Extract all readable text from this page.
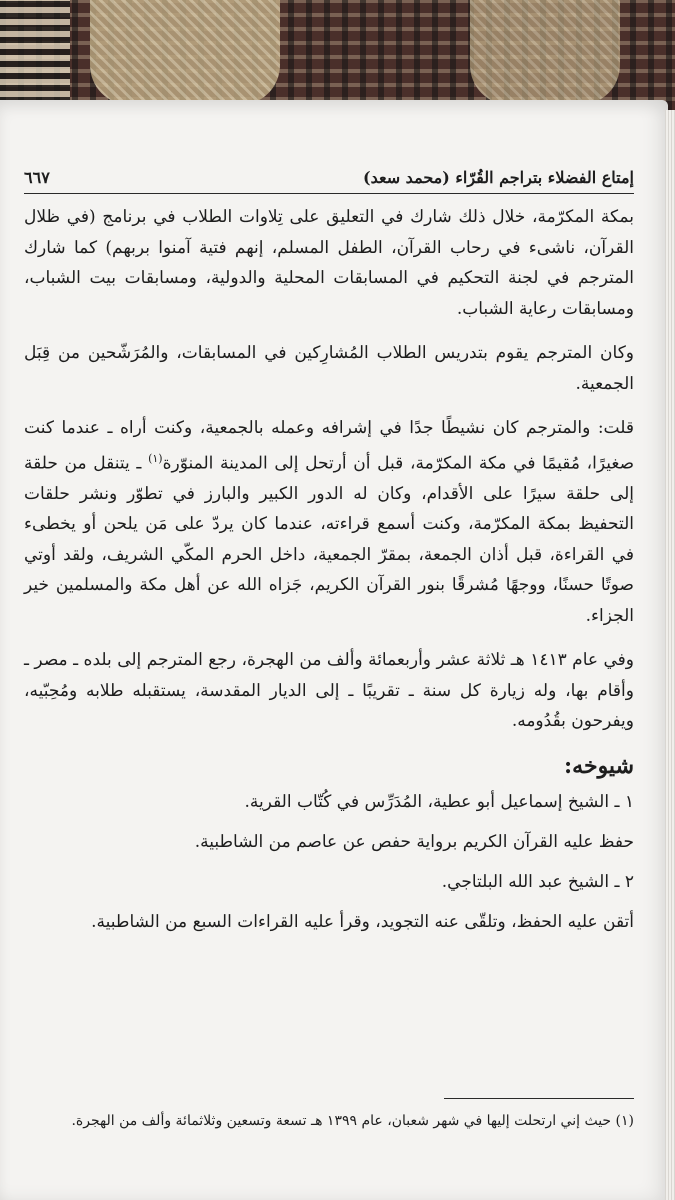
إمتاع الفضلاء بتراجم القُرّاء (محمد سعد)
٦٦٧

بمكة المكرّمة، خلال ذلك شارك في التعليق على تِلاوات الطلاب في برنامج (في ظلال القرآن، ناشىء في رحاب القرآن، الطفل المسلم، إنهم فتية آمنوا بربهم) كما شارك المترجم في لجنة التحكيم في المسابقات المحلية والدولية، ومسابقات بيت الشباب، ومسابقات رعاية الشباب.

وكان المترجم يقوم بتدريس الطلاب المُشارِكين في المسابقات، والمُرَشّحين من قِبَل الجمعية.

قلت: والمترجم كان نشيطًا جدًا في إشرافه وعمله بالجمعية، وكنت أراه ـ عندما كنت صغيرًا، مُقيمًا في مكة المكرّمة، قبل أن أرتحل إلى المدينة المنوّرة$^{(١)}$ ـ يتنقل من حلقة إلى حلقة سيرًا على الأقدام، وكان له الدور الكبير والبارز في تطوّر ونشر حلقات التحفيظ بمكة المكرّمة، وكنت أسمع قراءته، عندما كان يردّ على مَن يلحن أو يخطىء في القراءة، قبل أذان الجمعة، بمقرّ الجمعية، داخل الحرم المكّي الشريف، ولقد أوتي صوتًا حسنًا، ووجهًا مُشرقًا بنور القرآن الكريم، جَزاه الله عن أهل مكة والمسلمين خير الجزاء.

وفي عام ١٤١٣ هـ ثلاثة عشر وأربعمائة وألف من الهجرة، رجع المترجم إلى بلده ـ مصر ـ وأقام بها، وله زيارة كل سنة ـ تقريبًا ـ إلى الديار المقدسة، يستقبله طلابه ومُحِبّيه، ويفرحون بقُدُومه.

شيوخه:

١ ـ الشيخ إسماعيل أبو عطية، المُدَرِّس في كُتّاب القرية.

حفظ عليه القرآن الكريم برواية حفص عن عاصم من الشاطبية.

٢ ـ الشيخ عبد الله البلتاجي.

أتقن عليه الحفظ، وتلقّى عنه التجويد، وقرأ عليه القراءات السبع من الشاطبية.

(١) حيث إني ارتحلت إليها في شهر شعبان، عام ١٣٩٩ هـ تسعة وتسعين وثلاثمائة وألف من الهجرة.
